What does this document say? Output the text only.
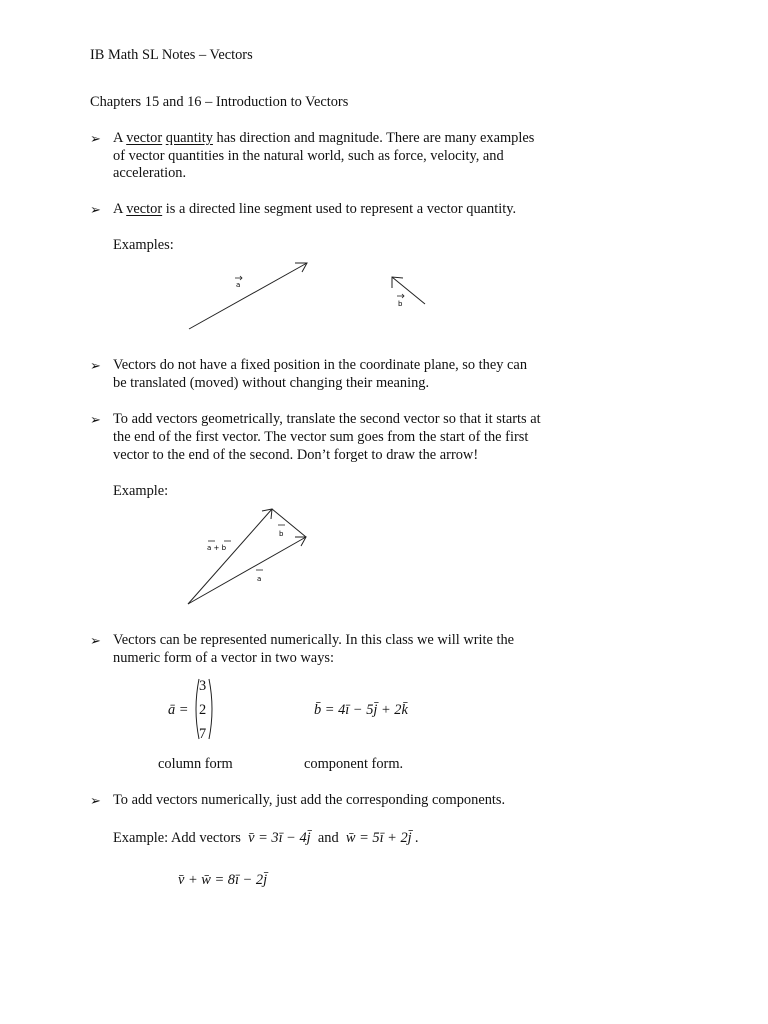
IB Math SL Notes – Vectors
Chapters 15 and 16 – Introduction to Vectors
➢ A vector quantity has direction and magnitude. There are many examples
of vector quantities in the natural world, such as force, velocity, and
acceleration.
➢ A vector is a directed line segment used to represent a vector quantity.
Examples:
a
b
a + b
a
b
➢ Vectors do not have a fixed position in the coordinate plane, so they can
be translated (moved) without changing their meaning.
➢ To add vectors geometrically, translate the second vector so that it starts at
the end of the first vector. The vector sum goes from the start of the first
vector to the end of the second. Don’t forget to draw the arrow!
Example:
➢ Vectors can be represented numerically. In this class we will write the
numeric form of a vector in two ways:
ā =
3
2
7
column form
b̄ = 4ī − 5j̄ + 2k̄
component form.
➢ To add vectors numerically, just add the corresponding components.
Example: Add vectors v̄ = 3ī − 4j̄ and w̄ = 5ī + 2j̄ .
v̄ + w̄ = 8ī − 2j̄
